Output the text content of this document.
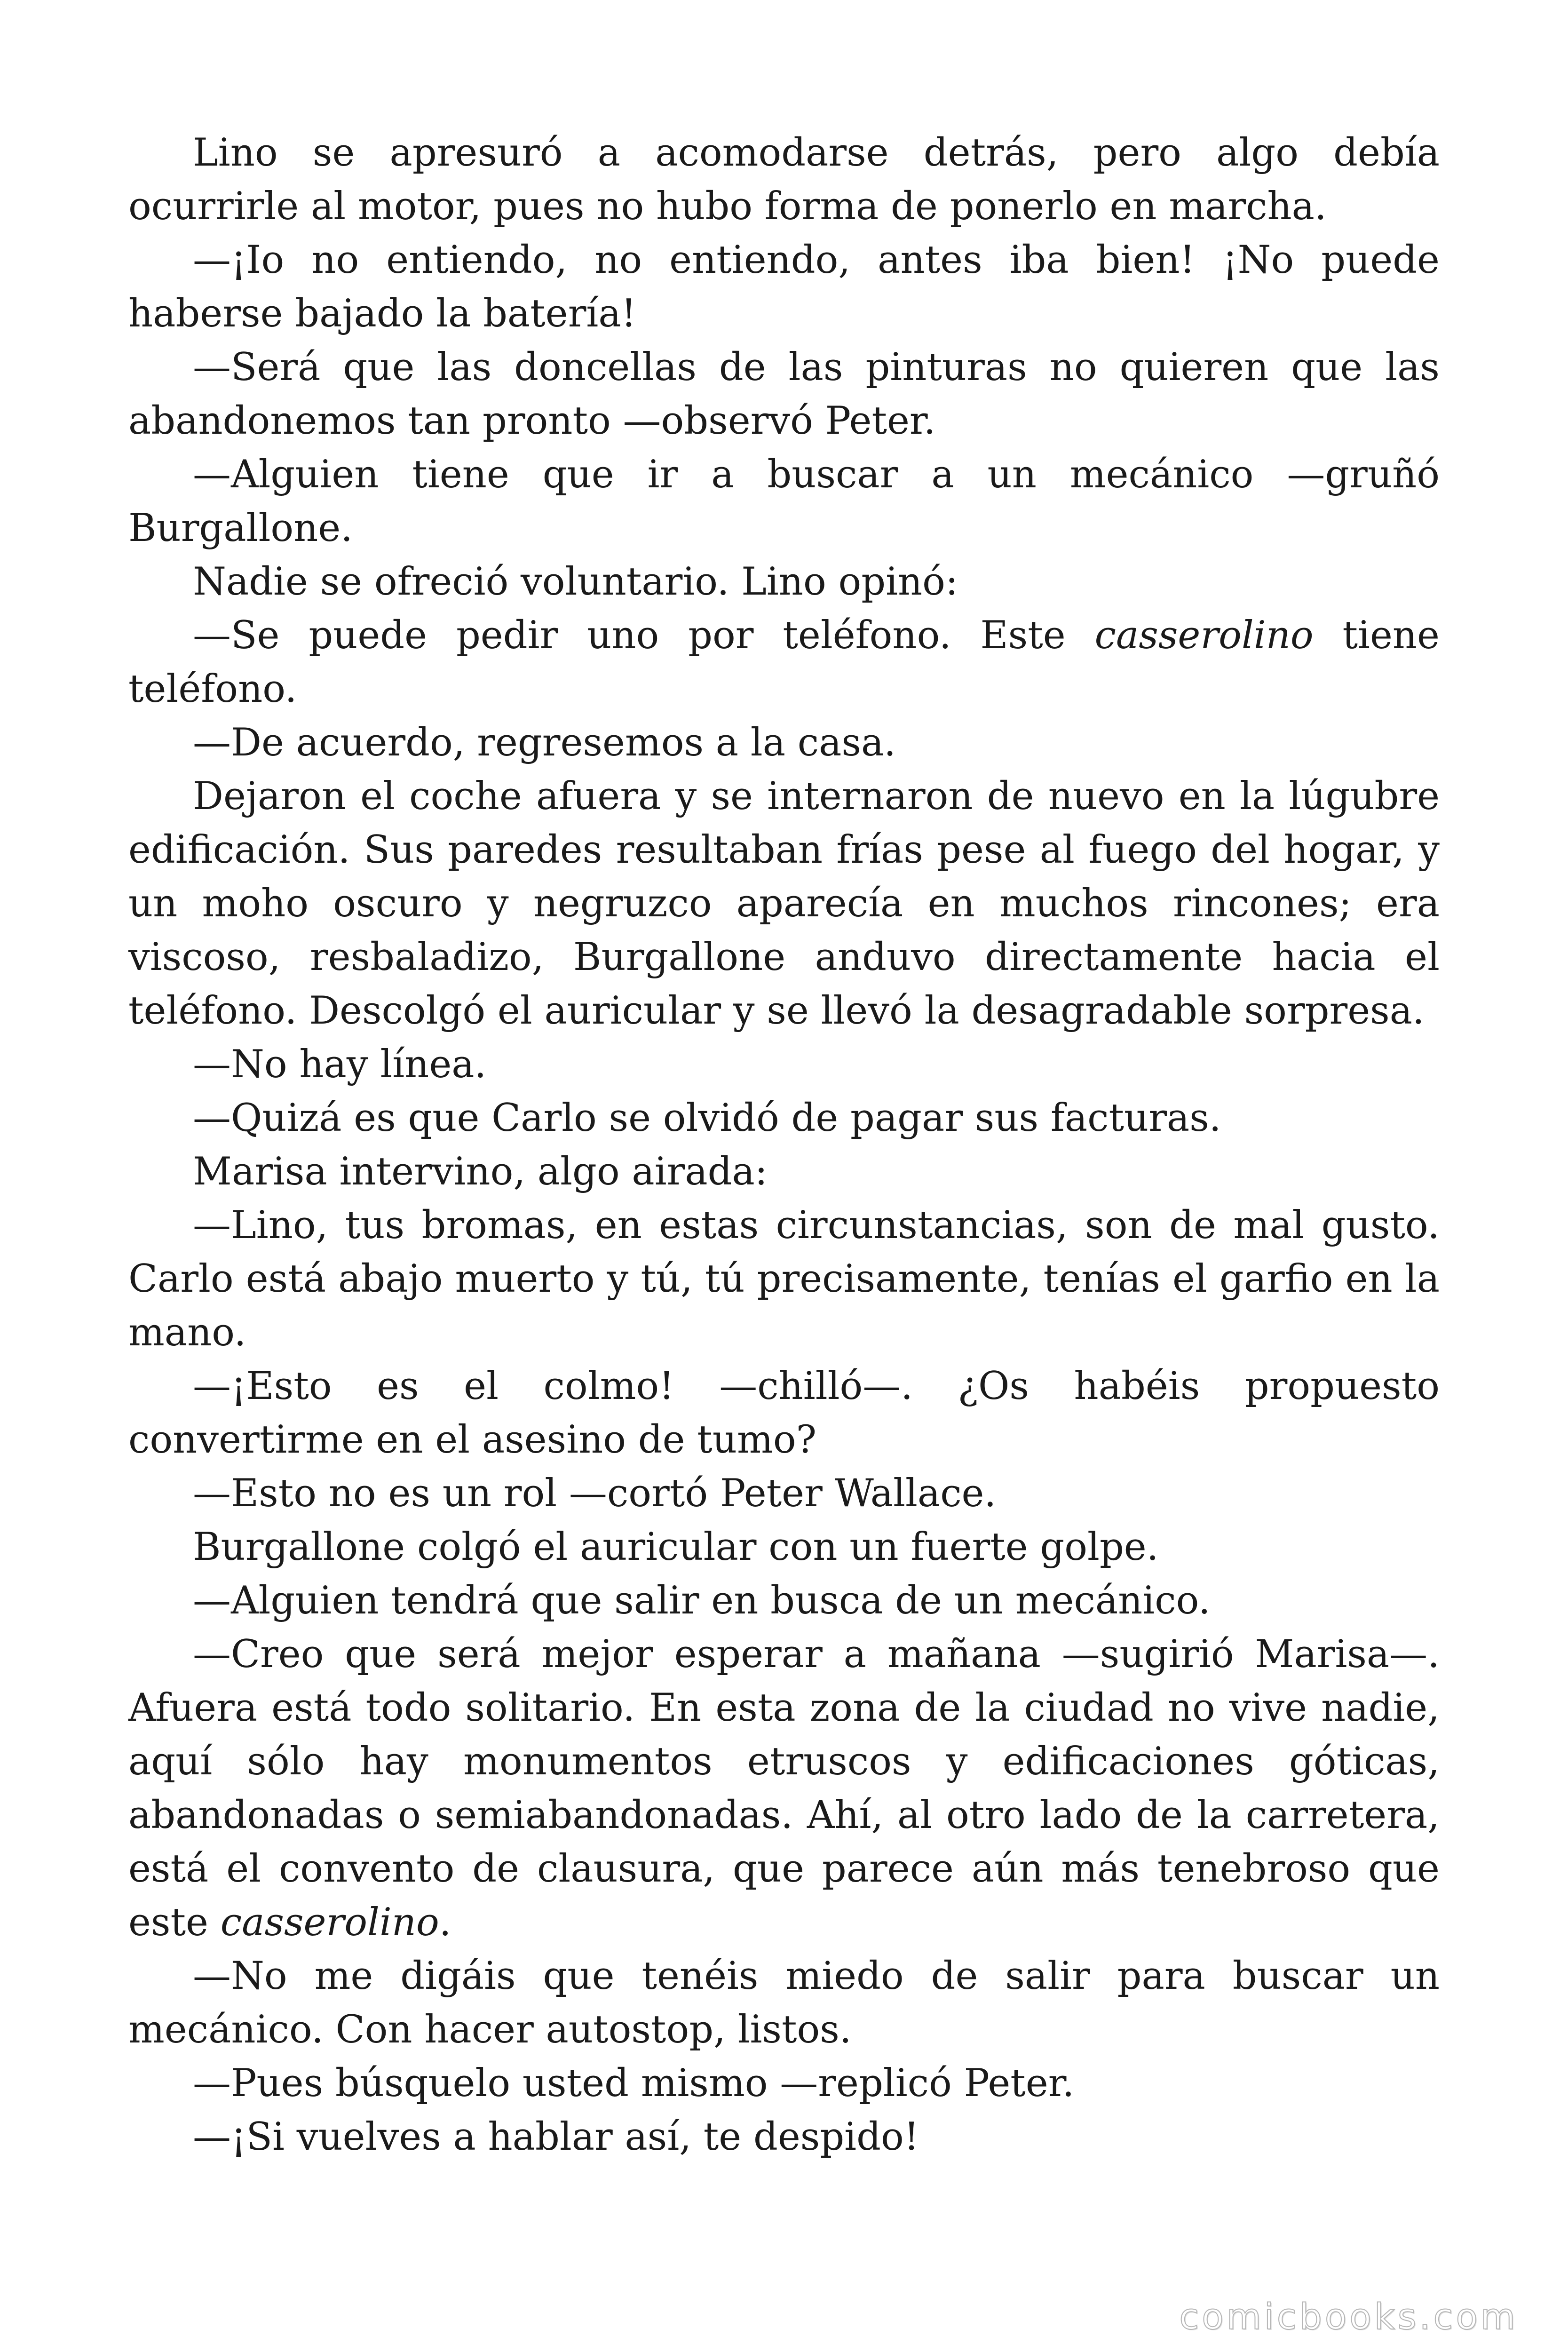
Lino se apresuró a acomodarse detrás, pero algo debía ocurrirle al motor, pues no hubo forma de ponerlo en marcha.

—¡Io no entiendo, no entiendo, antes iba bien! ¡No puede haberse bajado la batería!

—Será que las doncellas de las pinturas no quieren que las abandonemos tan pronto —observó Peter.

—Alguien tiene que ir a buscar a un mecánico —gruñó Burgallone.

Nadie se ofreció voluntario. Lino opinó:

—Se puede pedir uno por teléfono. Este casserolino tiene teléfono.

—De acuerdo, regresemos a la casa.

Dejaron el coche afuera y se internaron de nuevo en la lúgubre edificación. Sus paredes resultaban frías pese al fuego del hogar, y un moho oscuro y negruzco aparecía en muchos rincones; era viscoso, resbaladizo, Burgallone anduvo directamente hacia el teléfono. Descolgó el auricular y se llevó la desagradable sorpresa.

—No hay línea.

—Quizá es que Carlo se olvidó de pagar sus facturas.

Marisa intervino, algo airada:

—Lino, tus bromas, en estas circunstancias, son de mal gusto. Carlo está abajo muerto y tú, tú precisamente, tenías el garfio en la mano.

—¡Esto es el colmo! —chilló—. ¿Os habéis propuesto convertirme en el asesino de tumo?

—Esto no es un rol —cortó Peter Wallace.

Burgallone colgó el auricular con un fuerte golpe.

—Alguien tendrá que salir en busca de un mecánico.

—Creo que será mejor esperar a mañana —sugirió Marisa—. Afuera está todo solitario. En esta zona de la ciudad no vive nadie, aquí sólo hay monumentos etruscos y edificaciones góticas, abandonadas o semiabandonadas. Ahí, al otro lado de la carretera, está el convento de clausura, que parece aún más tenebroso que este casserolino.

—No me digáis que tenéis miedo de salir para buscar un mecánico. Con hacer autostop, listos.

—Pues búsquelo usted mismo —replicó Peter.

—¡Si vuelves a hablar así, te despido!

comicbooks.com
